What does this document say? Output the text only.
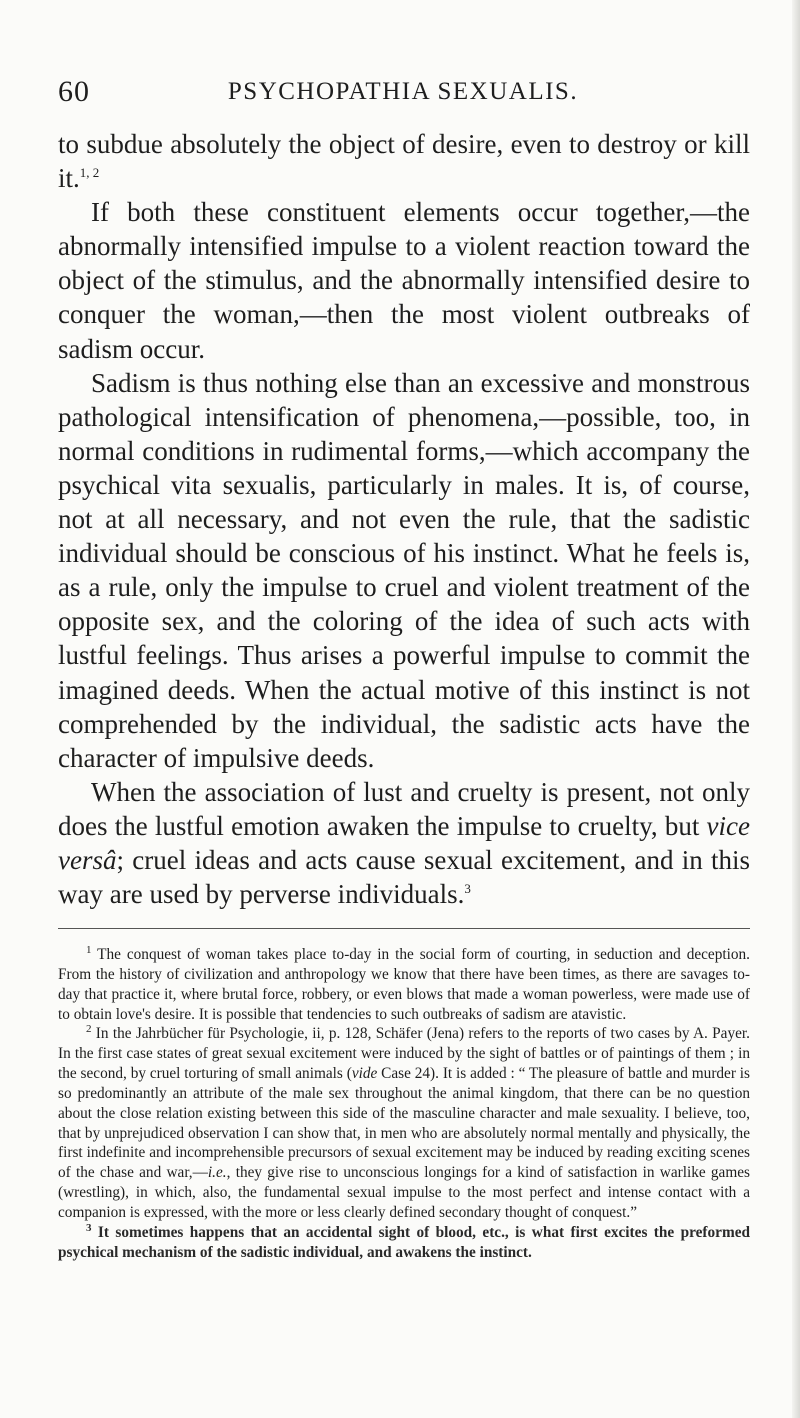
60	PSYCHOPATHIA SEXUALIS.

to subdue absolutely the object of desire, even to destroy or kill it.$^{1, 2}$

If both these constituent elements occur together,—the abnormally intensified impulse to a violent reaction toward the object of the stimulus, and the abnormally intensified desire to conquer the woman,—then the most violent outbreaks of sadism occur.

Sadism is thus nothing else than an excessive and monstrous pathological intensification of phenomena,—possible, too, in normal conditions in rudimental forms,—which accompany the psychical vita sexualis, particularly in males. It is, of course, not at all necessary, and not even the rule, that the sadistic individual should be conscious of his instinct. What he feels is, as a rule, only the impulse to cruel and violent treatment of the opposite sex, and the coloring of the idea of such acts with lustful feelings. Thus arises a powerful impulse to commit the imagined deeds. When the actual motive of this instinct is not comprehended by the individual, the sadistic acts have the character of impulsive deeds.

When the association of lust and cruelty is present, not only does the lustful emotion awaken the impulse to cruelty, but vice versâ; cruel ideas and acts cause sexual excitement, and in this way are used by perverse individuals.$^3$

$^1$ The conquest of woman takes place to-day in the social form of courting, in seduction and deception. From the history of civilization and anthropology we know that there have been times, as there are savages to-day that practice it, where brutal force, robbery, or even blows that made a woman powerless, were made use of to obtain love's desire. It is possible that tendencies to such outbreaks of sadism are atavistic.

$^2$ In the Jahrbücher für Psychologie, ii, p. 128, Schäfer (Jena) refers to the reports of two cases by A. Payer. In the first case states of great sexual excitement were induced by the sight of battles or of paintings of them ; in the second, by cruel torturing of small animals (vide Case 24). It is added : “ The pleasure of battle and murder is so predominantly an attribute of the male sex throughout the animal kingdom, that there can be no question about the close relation existing between this side of the masculine character and male sexuality. I believe, too, that by unprejudiced observation I can show that, in men who are absolutely normal mentally and physically, the first indefinite and incomprehensible precursors of sexual excitement may be induced by reading exciting scenes of the chase and war,—i.e., they give rise to unconscious longings for a kind of satisfaction in warlike games (wrestling), in which, also, the fundamental sexual impulse to the most perfect and intense contact with a companion is expressed, with the more or less clearly defined secondary thought of conquest.”

$^3$ It sometimes happens that an accidental sight of blood, etc., is what first excites the preformed psychical mechanism of the sadistic individual, and awakens the instinct.
